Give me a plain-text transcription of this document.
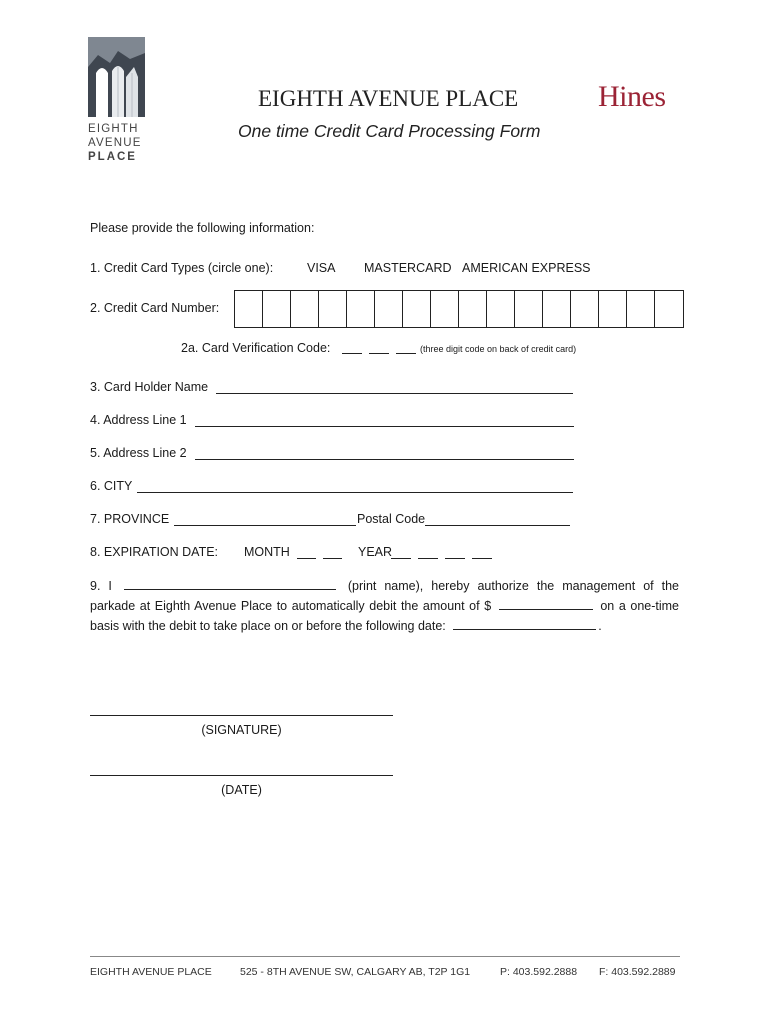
EIGHTH
AVENUE
PLACE
EIGHTH AVENUE PLACE	Hines
One time Credit Card Processing Form
Please provide the following information:
1. Credit Card Types (circle one):	VISA MASTERCARD AMERICAN EXPRESS
2. Credit Card Number:
2a. Card Verification Code:	(three digit code on back of credit card)
3. Card Holder Name
4. Address Line 1
5. Address Line 2
6. CITY
7. PROVINCE	Postal Code
8. EXPIRATION DATE: MONTH	YEAR
9. I	(print name), hereby authorize the management of the parkade at Eighth Avenue Place to automatically debit the amount of $	on a one-time basis with the debit to take place on or before the following date:	.
(SIGNATURE)
(DATE)
EIGHTH AVENUE PLACE	525 - 8TH AVENUE SW, CALGARY AB, T2P 1G1	P: 403.592.2888 F: 403.592.2889
